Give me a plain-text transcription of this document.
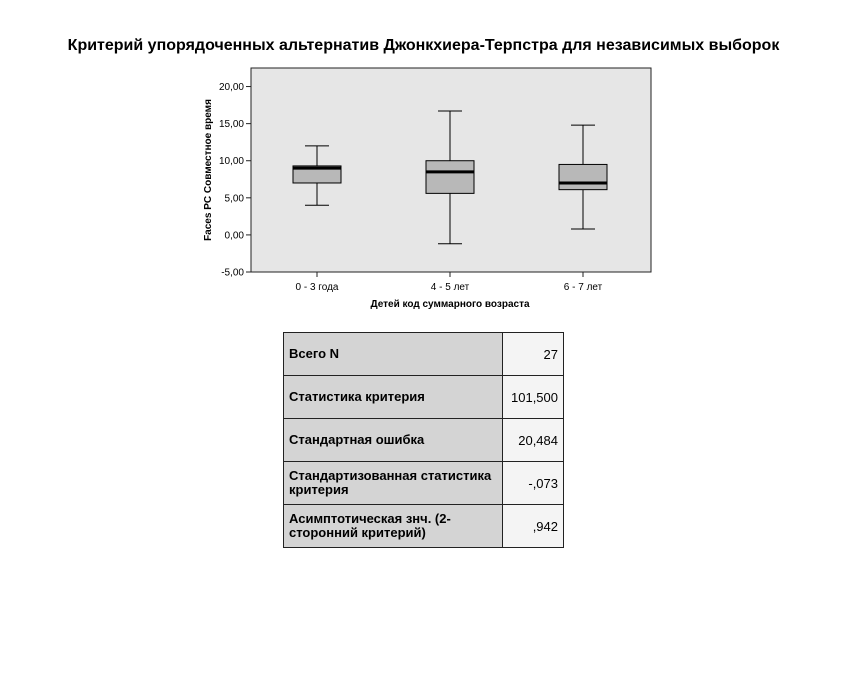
Критерий упорядоченных альтернатив Джонкхиера-Терпстра для независимых выборок
-5,00
0,00
5,00
10,00
15,00
20,00
0 - 3 года	4 - 5 лет	6 - 7 лет
Faces PC Совместное время
Детей код суммарного возраста
Всего N	27
Статистика критерия	101,500
Стандартная ошибка	20,484
Стандартизованная статистика критерия	-,073
Асимптотическая знч. (2-сторонний критерий)	,942
